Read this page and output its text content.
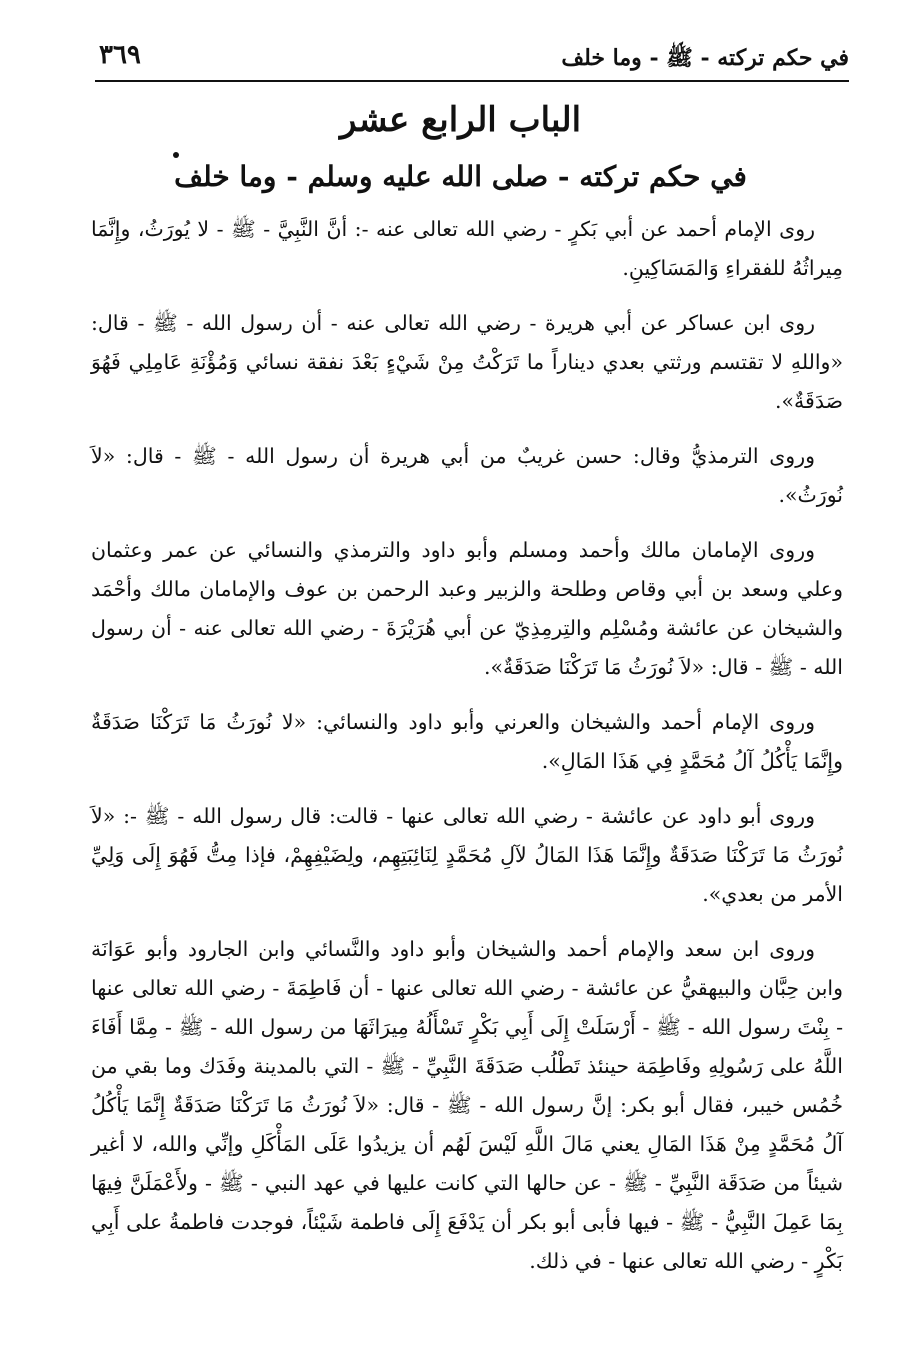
في حكم تركته - ﷺ - وما خلف
٣٦٩
الباب الرابع عشر
في حكم تركته - صلى الله عليه وسلم - وما خلف

روى الإمام أحمد عن أبي بَكرٍ - رضي الله تعالى عنه -: أنَّ النَّبِيَّ - ﷺ - لا يُورَثُ، وإِنَّمَا مِيراثُهُ للفقراءِ وَالمَسَاكِينِ.

روى ابن عساكر عن أبي هريرة - رضي الله تعالى عنه - أن رسول الله - ﷺ - قال: «واللهِ لا تقتسم ورثتي بعدي ديناراً ما تَرَكْتُ مِنْ شَيْءٍ بَعْدَ نفقة نسائي وَمُؤْنَةِ عَامِلِي فَهُوَ صَدَقَةٌ».

وروى الترمذيُّ وقال: حسن غريبٌ من أبي هريرة أن رسول الله - ﷺ - قال: «لاَ نُورَثُ».

وروى الإمامان مالك وأحمد ومسلم وأبو داود والترمذي والنسائي عن عمر وعثمان وعلي وسعد بن أبي وقاص وطلحة والزبير وعبد الرحمن بن عوف والإمامان مالك وأحْمَد والشيخان عن عائشة ومُسْلِم والتِرمِذِيّ عن أبي هُرَيْرَةَ - رضي الله تعالى عنه - أن رسول الله - ﷺ - قال: «لاَ نُورَثُ مَا تَرَكْنَا صَدَقَةٌ».

وروى الإمام أحمد والشيخان والعرني وأبو داود والنسائي: «لا نُورَثُ مَا تَرَكْنَا صَدَقَةٌ وإِنَّمَا يَأْكُلُ آلُ مُحَمَّدٍ فِي هَذَا المَالِ».

وروى أبو داود عن عائشة - رضي الله تعالى عنها - قالت: قال رسول الله - ﷺ -: «لاَ نُورَثُ مَا تَرَكْنَا صَدَقَةٌ وإِنَّمَا هَذَا المَالُ لآلِ مُحَمَّدٍ لِنَائِبَتِهِم، ولِضَيْفِهِمْ، فإذا مِتُّ فَهُوَ إِلَى وَلِيِّ الأمر من بعدي».

وروى ابن سعد والإمام أحمد والشيخان وأبو داود والنَّسائي وابن الجارود وأبو عَوَانَة وابن حِبَّان والبيهقيُّ عن عائشة - رضي الله تعالى عنها - أن فَاطِمَةَ - رضي الله تعالى عنها - بِنْتَ رسول الله - ﷺ - أَرْسَلَتْ إِلَى أَبِي بَكْرٍ تَسْأَلُهُ مِيرَاثَهَا من رسول الله - ﷺ - مِمَّا أَفَاءَ اللَّهُ على رَسُولِهِ وفَاطِمَة حينئذ تَطْلُب صَدَقَةَ النَّبِيِّ - ﷺ - التي بالمدينة وفَدَك وما بقي من خُمُس خيبر، فقال أبو بكر: إنَّ رسول الله - ﷺ - قال: «لاَ نُورَثُ مَا تَرَكْنَا صَدَقَةٌ إِنَّمَا يَأْكُلُ آلُ مُحَمَّدٍ مِنْ هَذَا المَالِ يعني مَالَ اللَّهِ لَيْسَ لَهُم أن يزيدُوا عَلَى المَأْكَلِ وإنِّي والله، لا أغير شيئاً من صَدَقَة النَّبِيِّ - ﷺ - عن حالها التي كانت عليها في عهد النبي - ﷺ - ولأَعْمَلَنَّ فِيهَا بِمَا عَمِلَ النَّبِيُّ - ﷺ - فيها فأبى أبو بكر أن يَدْفَعَ إِلَى فاطمة شَيْئاً، فوجدت فاطمةُ على أَبِي بَكْرٍ - رضي الله تعالى عنها - في ذلك.
